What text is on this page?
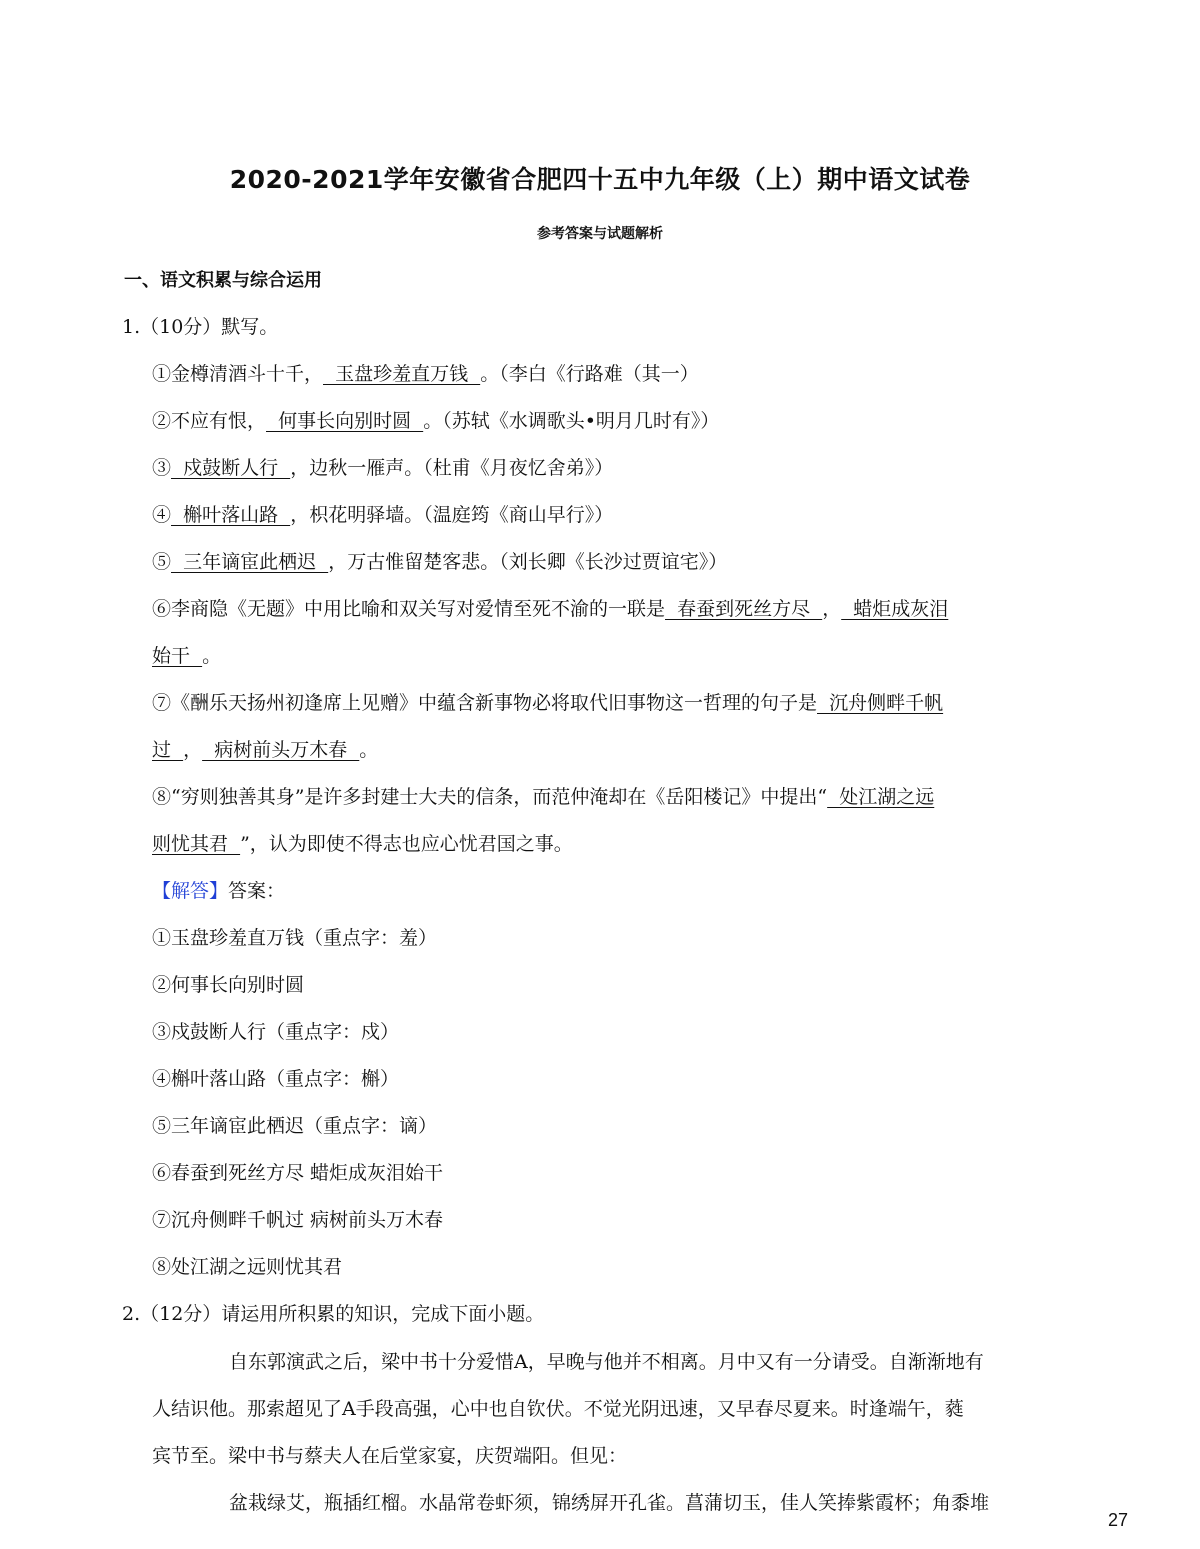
2020-2021学年安徽省合肥四十五中九年级（上）期中语文试卷

参考答案与试题解析

一、语文积累与综合运用

1.（10分）默写。
①金樽清酒斗十千，  玉盘珍羞直万钱  。（李白《行路难（其一）
②不应有恨，  何事长向别时圆  。（苏轼《水调歌头•明月几时有》）
③  戍鼓断人行  ，边秋一雁声。（杜甫《月夜忆舍弟》）
④  槲叶落山路  ，枳花明驿墙。（温庭筠《商山早行》）
⑤  三年谪宦此栖迟  ，万古惟留楚客悲。（刘长卿《长沙过贾谊宅》）
⑥李商隐《无题》中用比喻和双关写对爱情至死不渝的一联是  春蚕到死丝方尽  ，  蜡炬成灰泪
始干  。
⑦《酬乐天扬州初逢席上见赠》中蕴含新事物必将取代旧事物这一哲理的句子是  沉舟侧畔千帆
过  ，  病树前头万木春  。
⑧“穷则独善其身”是许多封建士大夫的信条，而范仲淹却在《岳阳楼记》中提出“  处江湖之远
则忧其君  ”，认为即使不得志也应心忧君国之事。
【解答】答案：
①玉盘珍羞直万钱（重点字：羞）
②何事长向别时圆
③戍鼓断人行（重点字：戍）
④槲叶落山路（重点字：槲）
⑤三年谪宦此栖迟（重点字：谪）
⑥春蚕到死丝方尽 蜡炬成灰泪始干
⑦沉舟侧畔千帆过 病树前头万木春
⑧处江湖之远则忧其君
2.（12分）请运用所积累的知识，完成下面小题。
自东郭演武之后，梁中书十分爱惜A，早晚与他并不相离。月中又有一分请受。自渐渐地有
人结识他。那索超见了A手段高强，心中也自钦伏。不觉光阴迅速，又早春尽夏来。时逢端午，蕤
宾节至。梁中书与蔡夫人在后堂家宴，庆贺端阳。但见：
盆栽绿艾，瓶插红榴。水晶常卷虾须，锦绣屏开孔雀。菖蒲切玉，佳人笑捧紫霞杯；角黍堆
27
